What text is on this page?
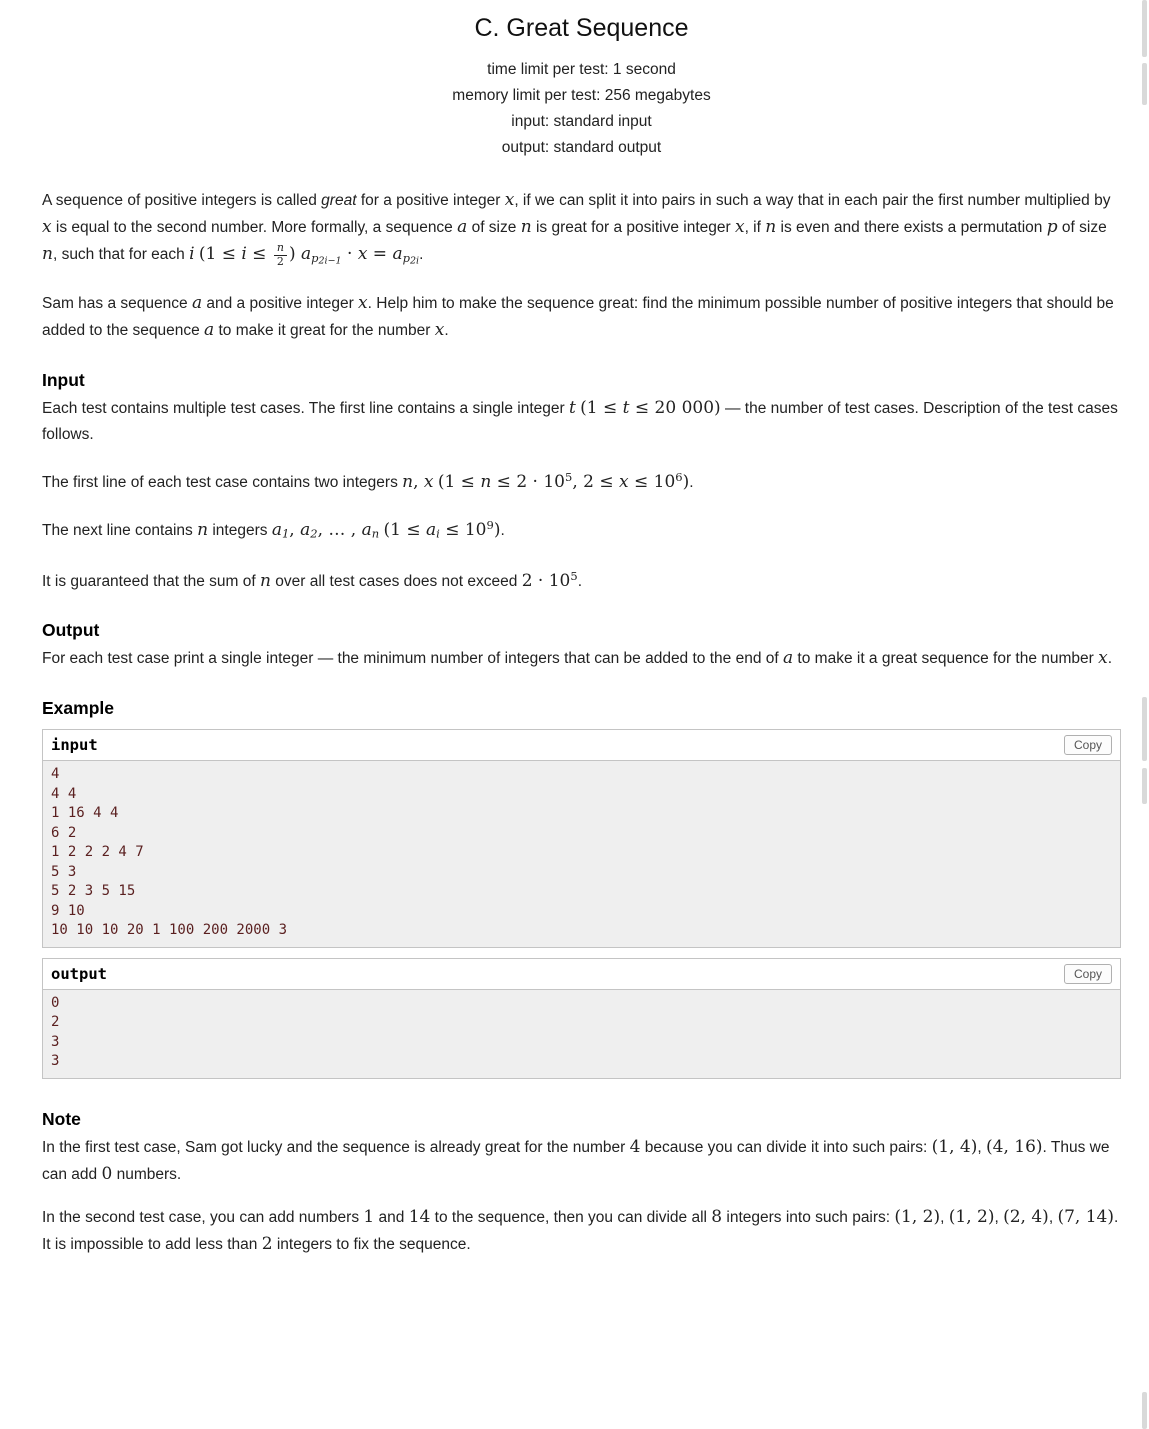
C. Great Sequence
time limit per test: 1 second
memory limit per test: 256 megabytes
input: standard input
output: standard output

A sequence of positive integers is called great for a positive integer x, if we can split it into pairs in such a way that in each pair the first number multiplied by x is equal to the second number. More formally, a sequence a of size n is great for a positive integer x, if n is even and there exists a permutation p of size n, such that for each i ($1 \le i \le \frac{n}{2}$ ) $ap_{2i-1} \cdot x = ap_{2i}$.

Sam has a sequence a and a positive integer x. Help him to make the sequence great: find the minimum possible number of positive integers that should be added to the sequence a to make it great for the number x.

Input

Each test contains multiple test cases. The first line contains a single integer t (1 ≤ t ≤ 20 000) — the number of test cases. Description of the test cases follows.

The first line of each test case contains two integers n, x ($1 \le n \le 2 \cdot 10^5$, $2 \le x \le 10^6$).

The next line contains n integers a1, a2, … , an (1 ≤ ai ≤ $10^9$).

It is guaranteed that the sum of n over all test cases does not exceed $2 \cdot 10^5$.

Output

For each test case print a single integer — the minimum number of integers that can be added to the end of a to make it a great sequence for the number x.

Example
input	Copy
4
4 4
1 16 4 4
6 2
1 2 2 2 4 7
5 3
5 2 3 5 15
9 10
10 10 10 20 1 100 200 2000 3
output	Copy
0
2
3
3
Note

In the first test case, Sam got lucky and the sequence is already great for the number 4 because you can divide it into such pairs: (1, 4), (4, 16). Thus we can add 0 numbers.

In the second test case, you can add numbers 1 and 14 to the sequence, then you can divide all 8 integers into such pairs: (1, 2), (1, 2), (2, 4), (7, 14). It is impossible to add less than 2 integers to fix the sequence.
